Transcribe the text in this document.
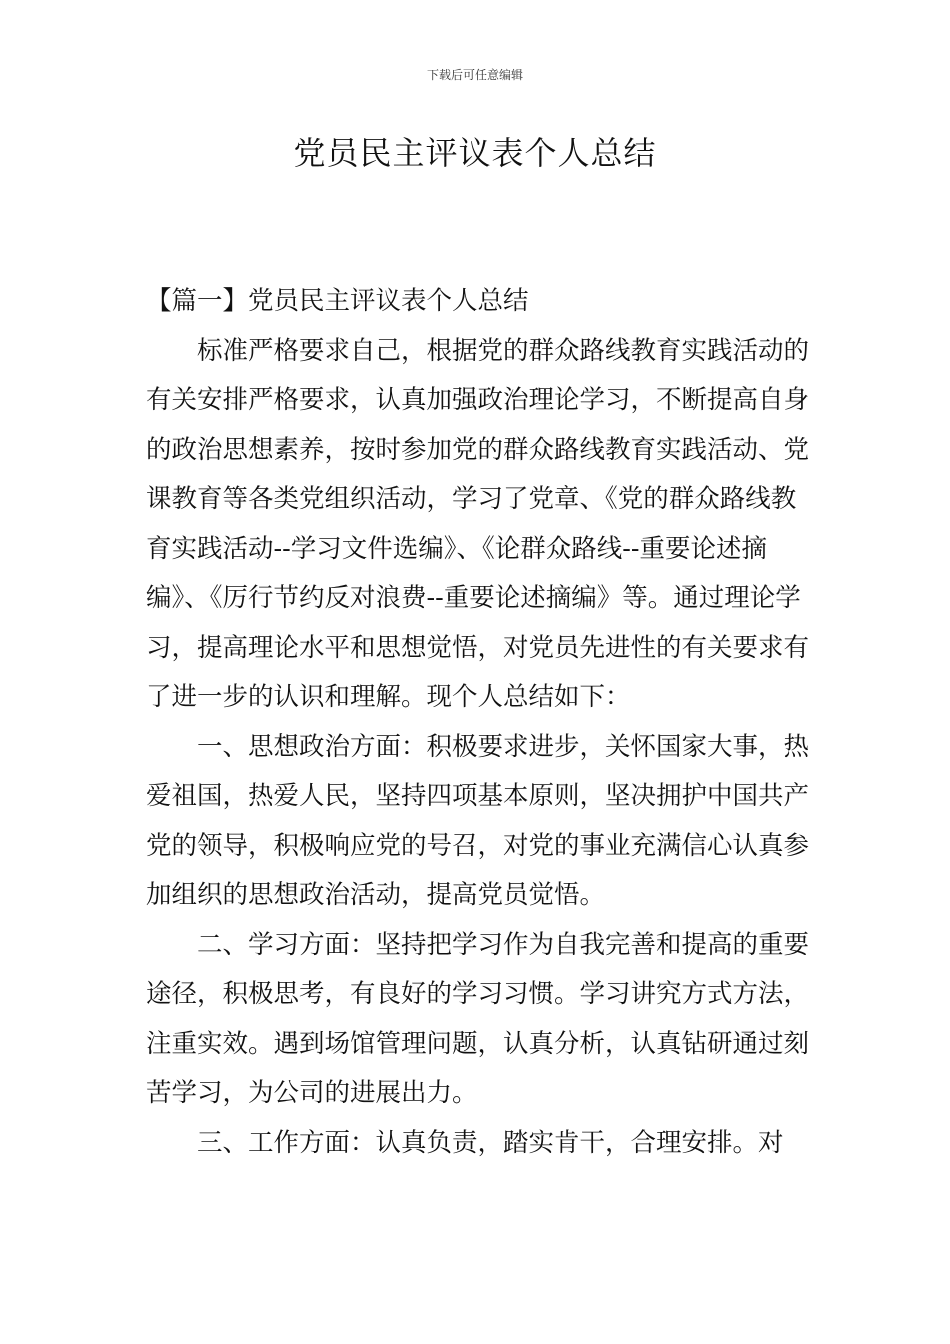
下载后可任意编辑
党员民主评议表个人总结

【篇一】党员民主评议表个人总结

标准严格要求自己，根据党的群众路线教育实践活动的有关安排严格要求，认真加强政治理论学习，不断提高自身的政治思想素养，按时参加党的群众路线教育实践活动、党课教育等各类党组织活动，学习了党章、《党的群众路线教育实践活动--学习文件选编》、《论群众路线--重要论述摘编》、《厉行节约反对浪费--重要论述摘编》等。通过理论学习，提高理论水平和思想觉悟，对党员先进性的有关要求有了进一步的认识和理解。现个人总结如下：

一、思想政治方面：积极要求进步，关怀国家大事，热爱祖国，热爱人民，坚持四项基本原则，坚决拥护中国共产党的领导，积极响应党的号召，对党的事业充满信心认真参加组织的思想政治活动，提高党员觉悟。

二、学习方面：坚持把学习作为自我完善和提高的重要途径，积极思考，有良好的学习习惯。学习讲究方式方法，注重实效。遇到场馆管理问题，认真分析，认真钻研通过刻苦学习，为公司的进展出力。

三、工作方面：认真负责，踏实肯干，合理安排。对
